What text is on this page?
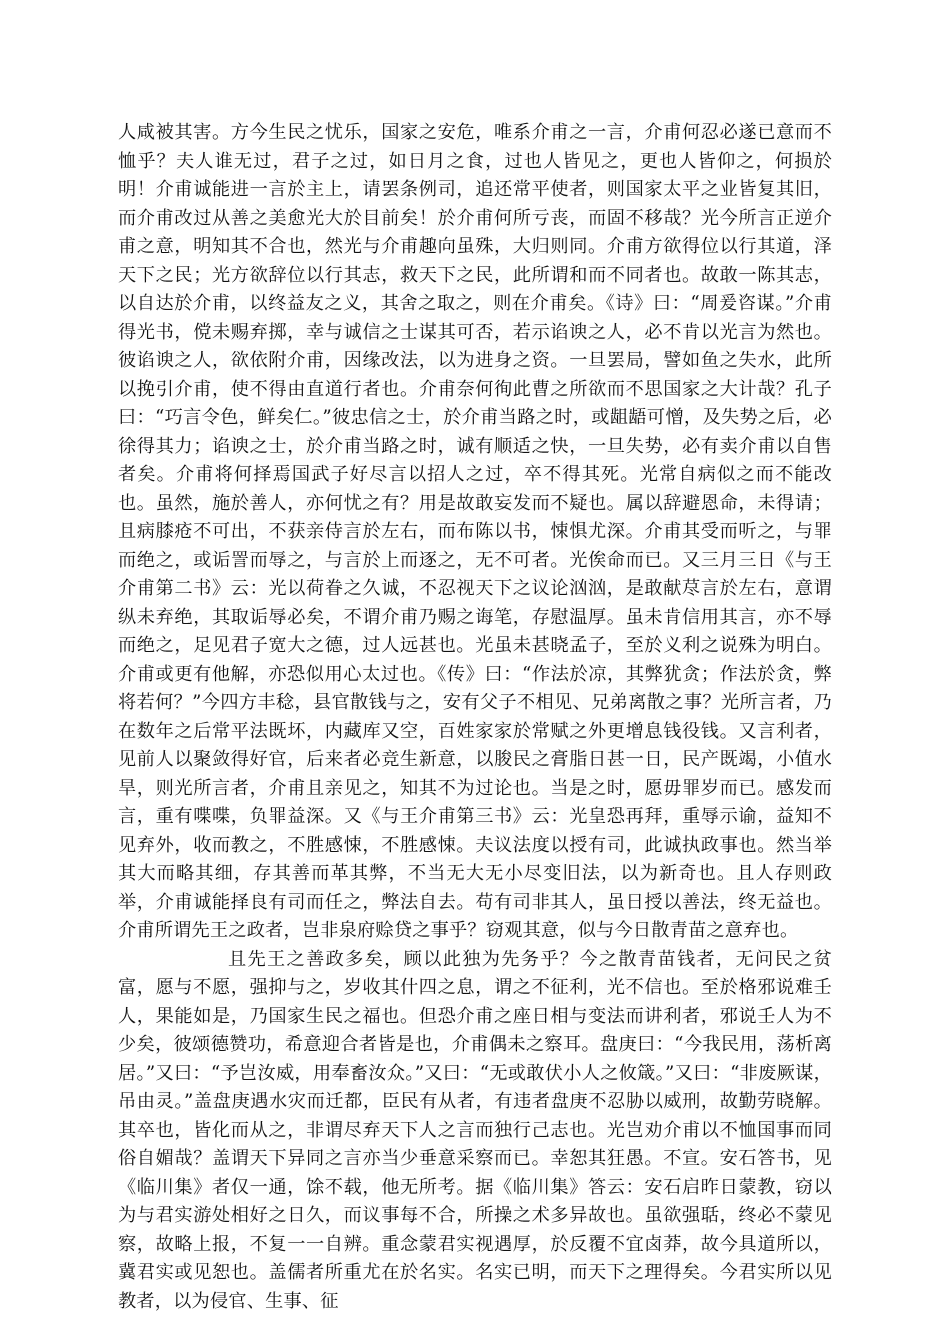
人咸被其害。方今生民之忧乐，国家之安危，唯系介甫之一言，介甫何忍必遂已意而不恤乎？夫人谁无过，君子之过，如日月之食，过也人皆见之，更也人皆仰之，何损於明！介甫诚能进一言於主上，请罢条例司，追还常平使者，则国家太平之业皆复其旧，而介甫改过从善之美愈光大於目前矣！於介甫何所亏丧，而固不移哉？光今所言正逆介甫之意，明知其不合也，然光与介甫趣向虽殊，大归则同。介甫方欲得位以行其道，泽天下之民；光方欲辞位以行其志，救天下之民，此所谓和而不同者也。故敢一陈其志，以自达於介甫，以终益友之义，其舍之取之，则在介甫矣。《诗》曰：“周爰咨谋。”介甫得光书，傥未赐弃掷，幸与诚信之士谋其可否，若示谄谀之人，必不肯以光言为然也。彼谄谀之人，欲依附介甫，因缘改法，以为进身之资。一旦罢局，譬如鱼之失水，此所以挽引介甫，使不得由直道行者也。介甫奈何徇此曹之所欲而不思国家之大计哉？孔子曰：“巧言令色，鲜矣仁。”彼忠信之士，於介甫当路之时，或龃龉可憎，及失势之后，必徐得其力；谄谀之士，於介甫当路之时，诚有顺适之快，一旦失势，必有卖介甫以自售者矣。介甫将何择焉国武子好尽言以招人之过，卒不得其死。光常自病似之而不能改也。虽然，施於善人，亦何忧之有？用是故敢妄发而不疑也。属以辞避恩命，未得请；且病膝疮不可出，不获亲侍言於左右，而布陈以书，悚惧尤深。介甫其受而听之，与罪而绝之，或诟詈而辱之，与言於上而逐之，无不可者。光俟命而已。又三月三日《与王介甫第二书》云：光以荷眷之久诚，不忍视天下之议论汹汹，是敢献荩言於左右，意谓纵未弃绝，其取诟辱必矣，不谓介甫乃赐之诲笔，存慰温厚。虽未肯信用其言，亦不辱而绝之，足见君子宽大之德，过人远甚也。光虽未甚晓孟子，至於义利之说殊为明白。介甫或更有他解，亦恐似用心太过也。《传》曰：“作法於凉，其弊犹贪；作法於贪，弊将若何？”今四方丰稔，县官散钱与之，安有父子不相见、兄弟离散之事？光所言者，乃在数年之后常平法既坏，内藏库又空，百姓家家於常赋之外更增息钱役钱。又言利者，见前人以聚敛得好官，后来者必竞生新意，以朘民之膏脂日甚一日，民产既竭，小值水旱，则光所言者，介甫且亲见之，知其不为过论也。当是之时，愿毋罪岁而已。感发而言，重有喋喋，负罪益深。又《与王介甫第三书》云：光皇恐再拜，重辱示谕，益知不见弃外，收而教之，不胜感悚，不胜感悚。夫议法度以授有司，此诚执政事也。然当举其大而略其细，存其善而革其弊，不当无大无小尽变旧法，以为新奇也。且人存则政举，介甫诚能择良有司而任之，弊法自去。苟有司非其人，虽日授以善法，终无益也。介甫所谓先王之政者，岂非泉府赊贷之事乎？窃观其意，似与今日散青苗之意弃也。

且先王之善政多矣，顾以此独为先务乎？今之散青苗钱者，无问民之贫富，愿与不愿，强抑与之，岁收其什四之息，谓之不征利，光不信也。至於格邪说难壬人，果能如是，乃国家生民之福也。但恐介甫之座日相与变法而讲利者，邪说壬人为不少矣，彼颂德赞功，希意迎合者皆是也，介甫偶未之察耳。盘庚曰：“今我民用，荡析离居。”又曰：“予岂汝威，用奉畜汝众。”又曰：“无或敢伏小人之攸箴。”又曰：“非废厥谋，吊由灵。”盖盘庚遇水灾而迁都，臣民有从者，有违者盘庚不忍胁以威刑，故勤劳晓解。其卒也，皆化而从之，非谓尽弃天下人之言而独行己志也。光岂劝介甫以不恤国事而同俗自媚哉？盖谓天下异同之言亦当少垂意采察而已。幸恕其狂愚。不宣。安石答书，见《临川集》者仅一通，馀不载，他无所考。据《临川集》答云：安石启昨日蒙教，窃以为与君实游处相好之日久，而议事每不合，所操之术多异故也。虽欲强聒，终必不蒙见察，故略上报，不复一一自辨。重念蒙君实视遇厚，於反覆不宜卤莽，故今具道所以，冀君实或见恕也。盖儒者所重尤在於名实。名实已明，而天下之理得矣。今君实所以见教者，以为侵官、生事、征
